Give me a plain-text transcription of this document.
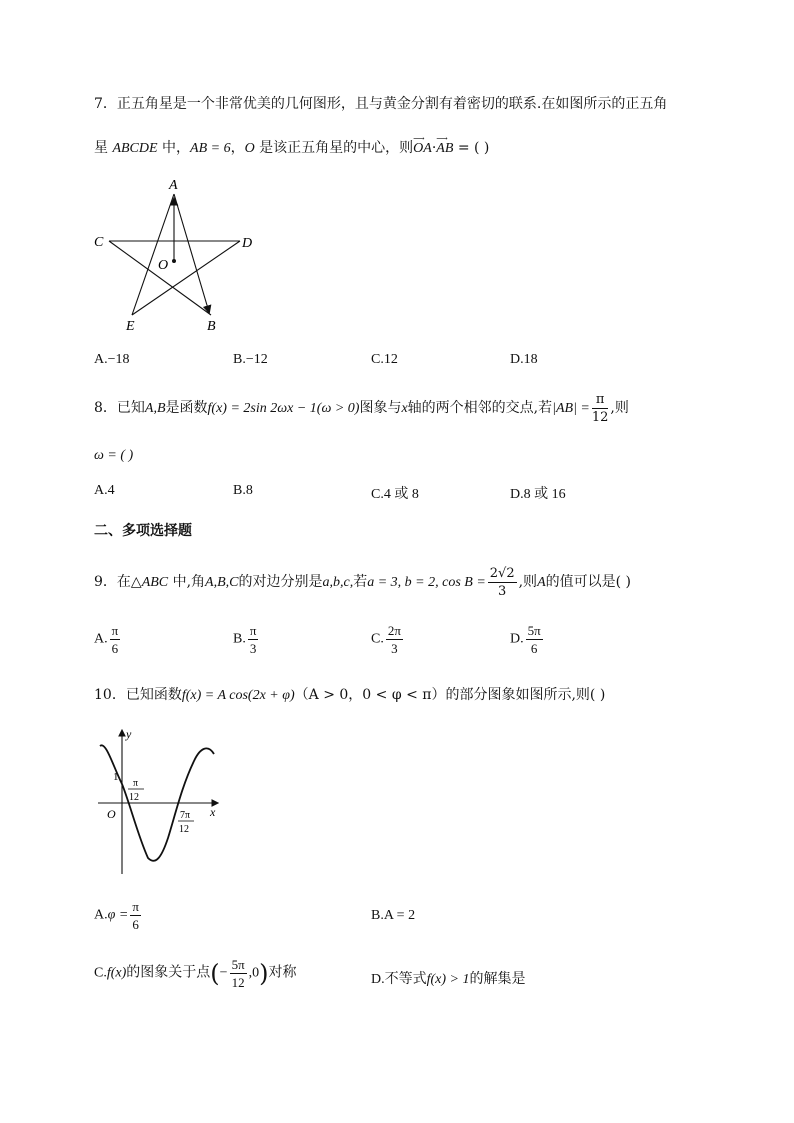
7．正五角星是一个非常优美的几何图形，且与黄金分割有着密切的联系.在如图所示的正五角
星 ABCDE 中，AB = 6，O 是该正五角星的中心，则
⟶
OA·
⟶
AB = ( )
A
C	D
O
E	B
A.−18	B.−12	C.12	D.18
8．已知A,B是函数f(x) = 2sin 2ωx − 1(ω > 0)图象与x轴的两个相邻的交点,若$|AB| = \frac{\pi}{12}$ ,则
ω = ( )
A.4	B.8	C.4 或 8	D.8 或 16
二、多项选择题
9．在△ABC 中,角A,B,C的对边分别是a,b,c,若a = 3, b = 2, $\cos B = \frac{2√2}{3}$ ,则A的值可以是( )
A. $\frac{\pi}{6}$	B. $\frac{\pi}{3}$	C. $\frac{2\pi}{3}$	D. $\frac{5\pi}{6}$
10．已知函数f(x) = A cos(2x + φ)（A > 0，0 < φ < π）的部分图象如图所示,则( )
y
x
O
1
π
12
7π
12
$A.\varphi = \frac{\pi}{6}$	B.A = 2
C.f(x)的图象关于点(− $\frac{5\pi}{12} ,0$)对称	D.不等式f(x) > 1的解集是
